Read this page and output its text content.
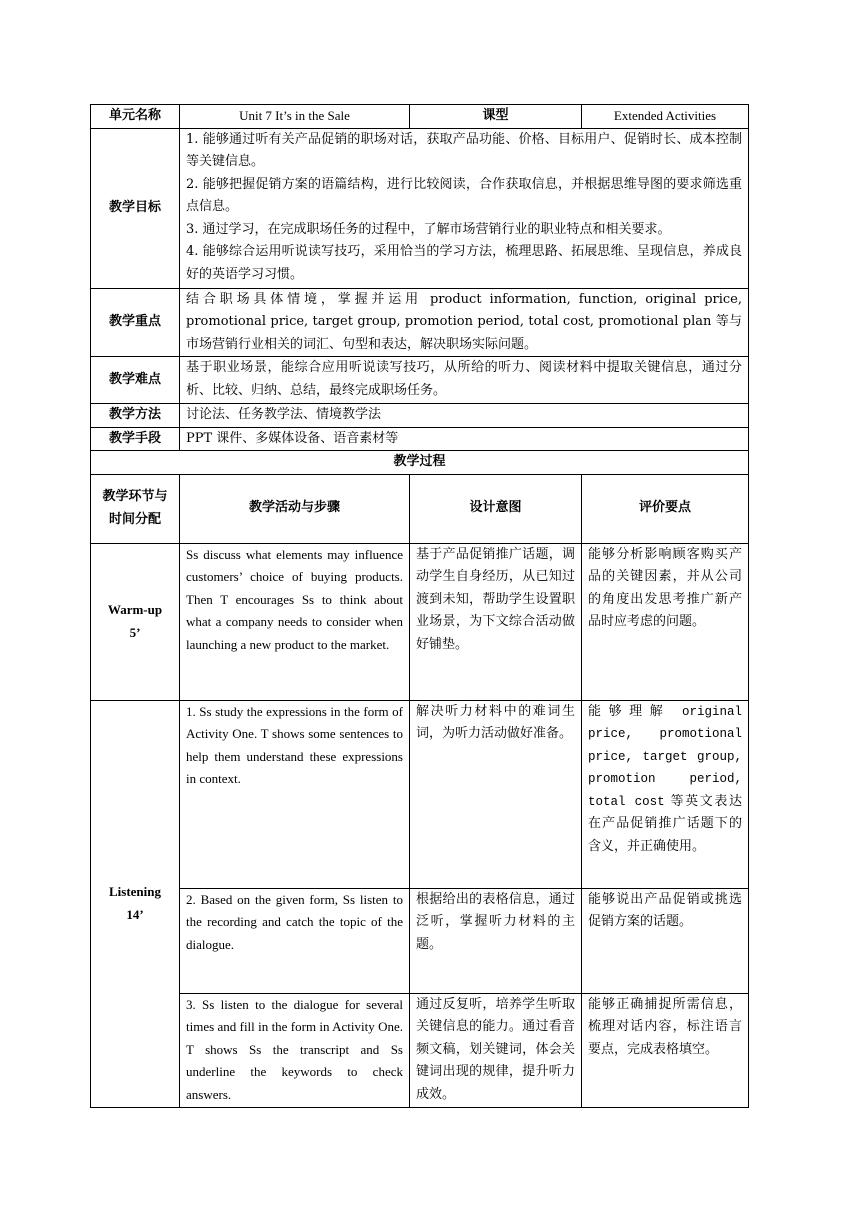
单元名称	Unit 7 It’s in the Sale	课型	Extended Activities
教学目标	1. 能够通过听有关产品促销的职场对话，获取产品功能、价格、目标用户、促销时长、成本控制等关键信息。

2. 能够把握促销方案的语篇结构，进行比较阅读，合作获取信息，并根据思维导图的要求筛选重点信息。

3. 通过学习，在完成职场任务的过程中，了解市场营销行业的职业特点和相关要求。

4. 能够综合运用听说读写技巧，采用恰当的学习方法，梳理思路、拓展思维、呈现信息，养成良好的英语学习习惯。		

教学重点	结合职场具体情境，掌握并运用 product information, function, original price, promotional price, target group, promotion period, total cost, promotional plan 等与市场营销行业相关的词汇、句型和表达，解决职场实际问题。		
教学难点	基于职业场景，能综合应用听说读写技巧，从所给的听力、阅读材料中提取关键信息，通过分析、比较、归纳、总结，最终完成职场任务。		
教学方法	讨论法、任务教学法、情境教学法		
教学手段	PPT 课件、多媒体设备、语音素材等		
教学过程			
教学环节与时间分配	教学活动与步骤	设计意图	评价要点

Warm-up
5’	Ss discuss what elements may influence customers’ choice of buying products. Then T encourages Ss to think about what a company needs to consider when launching a new product to the market.	基于产品促销推广话题，调动学生自身经历，从已知过渡到未知，帮助学生设置职业场景，为下文综合活动做好铺垫。	能够分析影响顾客购买产品的关键因素，并从公司的角度出发思考推广新产品时应考虑的问题。

Listening
14’	1. Ss study the expressions in the form of Activity One. T shows some sentences to help them understand these expressions in context.	解决听力材料中的难词生词，为听力活动做好准备。	能够理解 original price, promotional price, target group, promotion period, total cost 等英文表达在产品促销推广话题下的含义，并正确使用。
	2. Based on the given form, Ss listen to the recording and catch the topic of the dialogue.	根据给出的表格信息，通过泛听，掌握听力材料的主题。	能够说出产品促销或挑选促销方案的话题。
	3. Ss listen to the dialogue for several times and fill in the form in Activity One. T shows Ss the transcript and Ss underline the keywords to check answers.	通过反复听，培养学生听取关键信息的能力。通过看音频文稿，划关键词，体会关键词出现的规律，提升听力成效。	能够正确捕捉所需信息，梳理对话内容，标注语言要点，完成表格填空。
